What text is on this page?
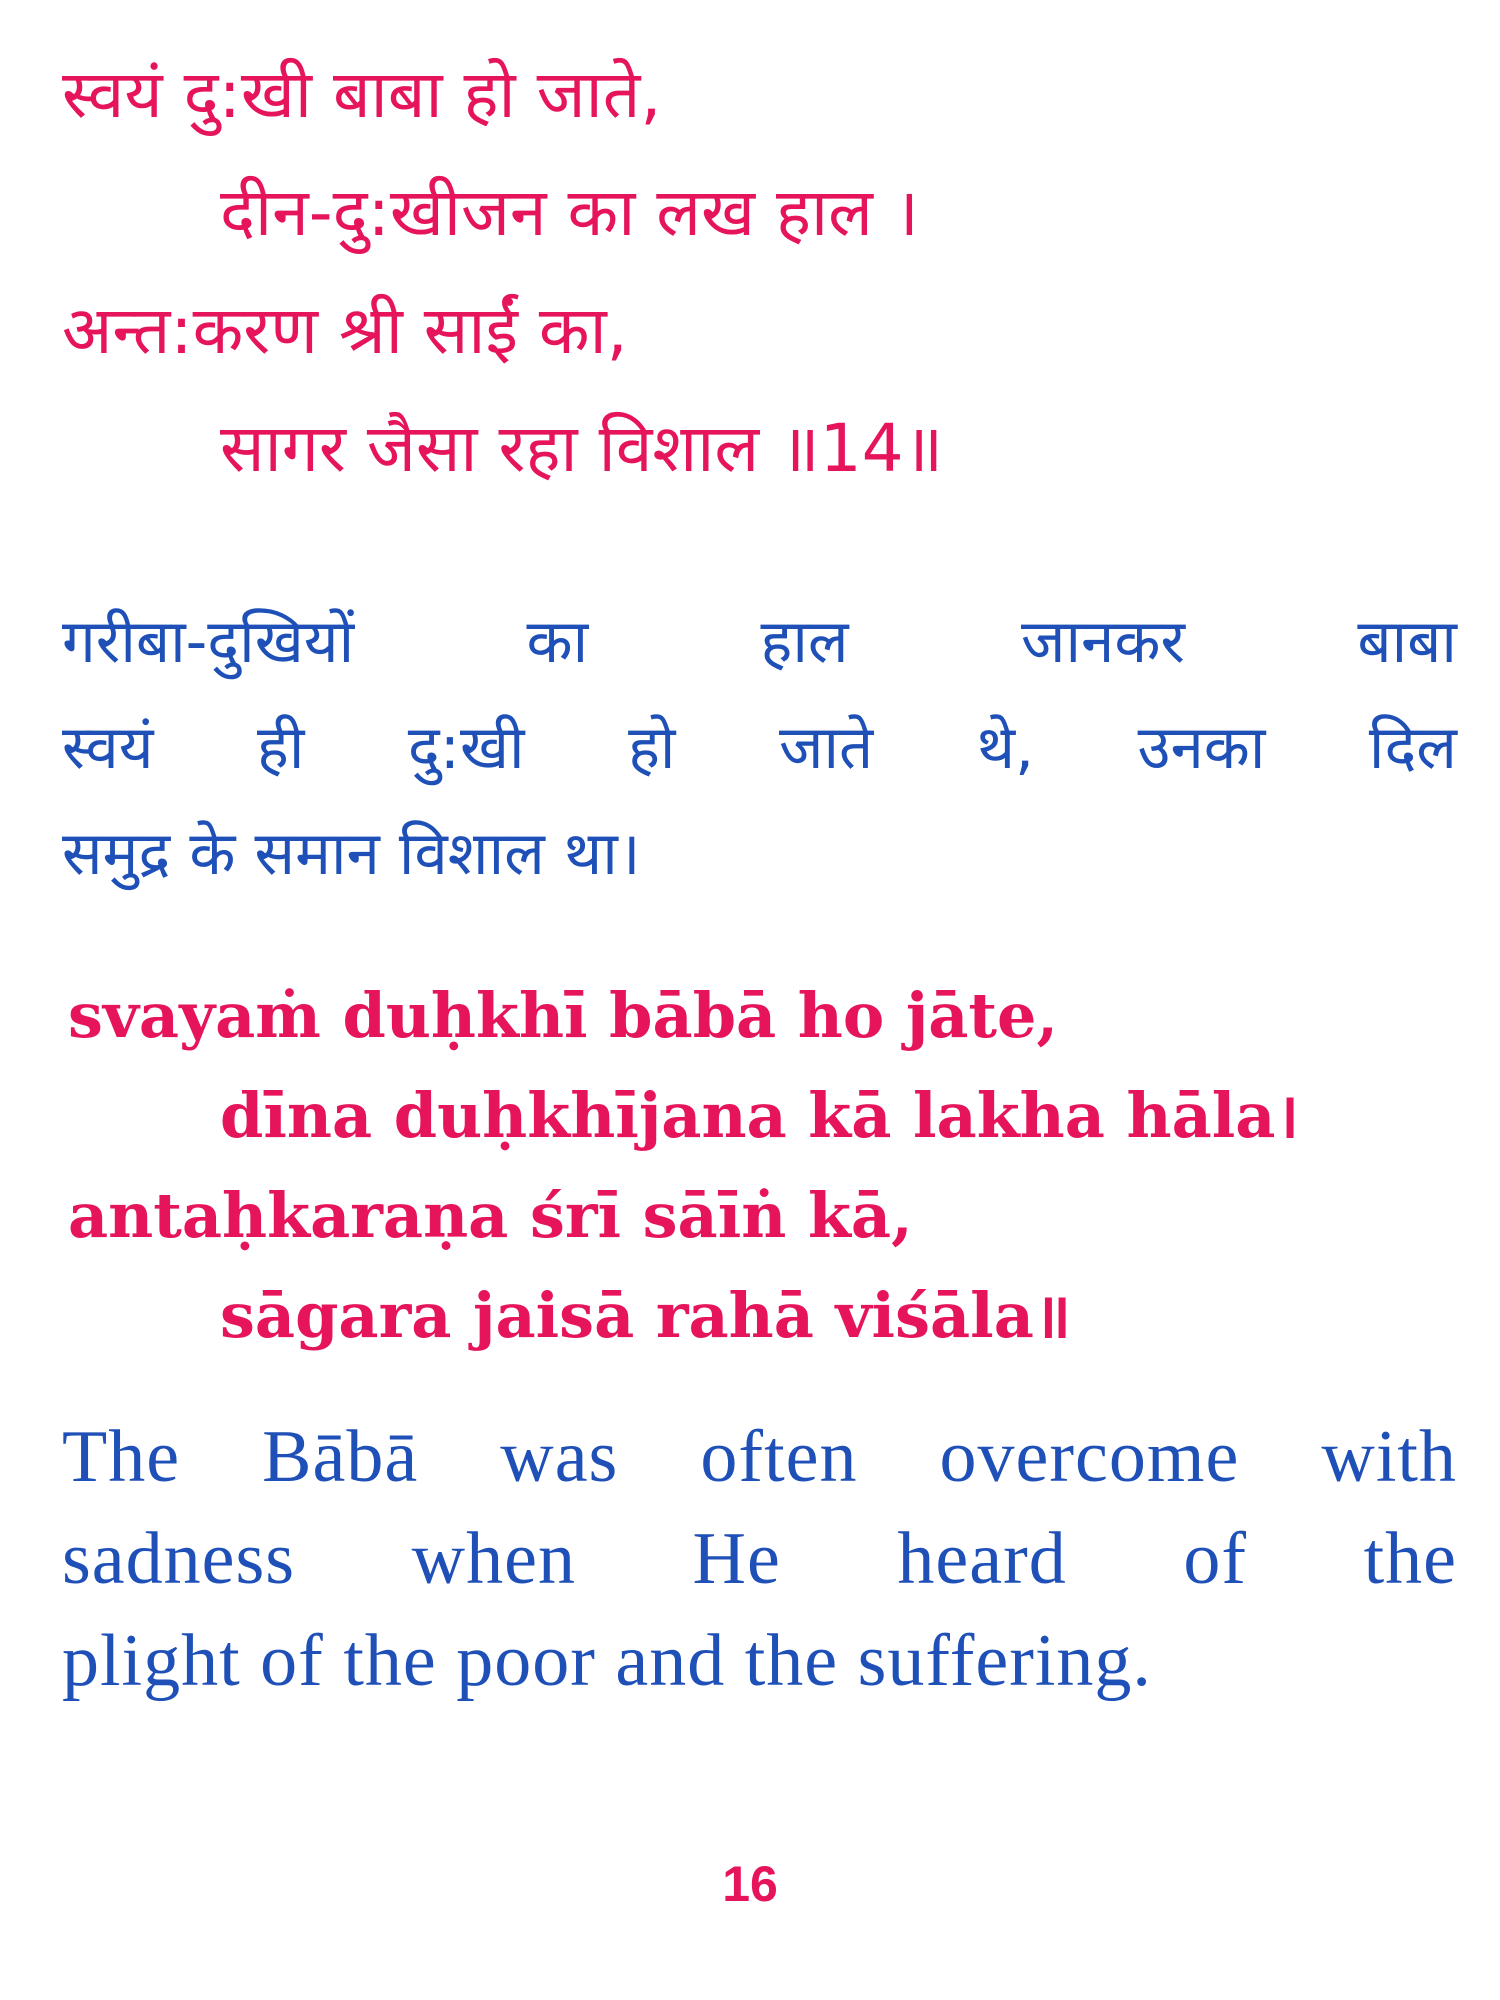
स्वयं दु:खी बाबा हो जाते,

दीन-दु:खीजन का लख हाल ।

अन्त:करण श्री साईं का,

सागर जैसा रहा विशाल ॥14॥

गरीबा-दुखियों	का	हाल	जानकर	बाबा
स्वयं ही दु:खी हो जाते थे, उनका दिल

समुद्र के समान विशाल था।

svayaṁ duḥkhī bābā ho jāte,

dīna duḥkhījana kā lakha hāla।

antaḥkaraṇa śrī sāīṅ kā,

sāgara jaisā rahā viśāla॥

The Bābā was often overcome with
sadness when He heard of the

plight of the poor and the suffering.

16
